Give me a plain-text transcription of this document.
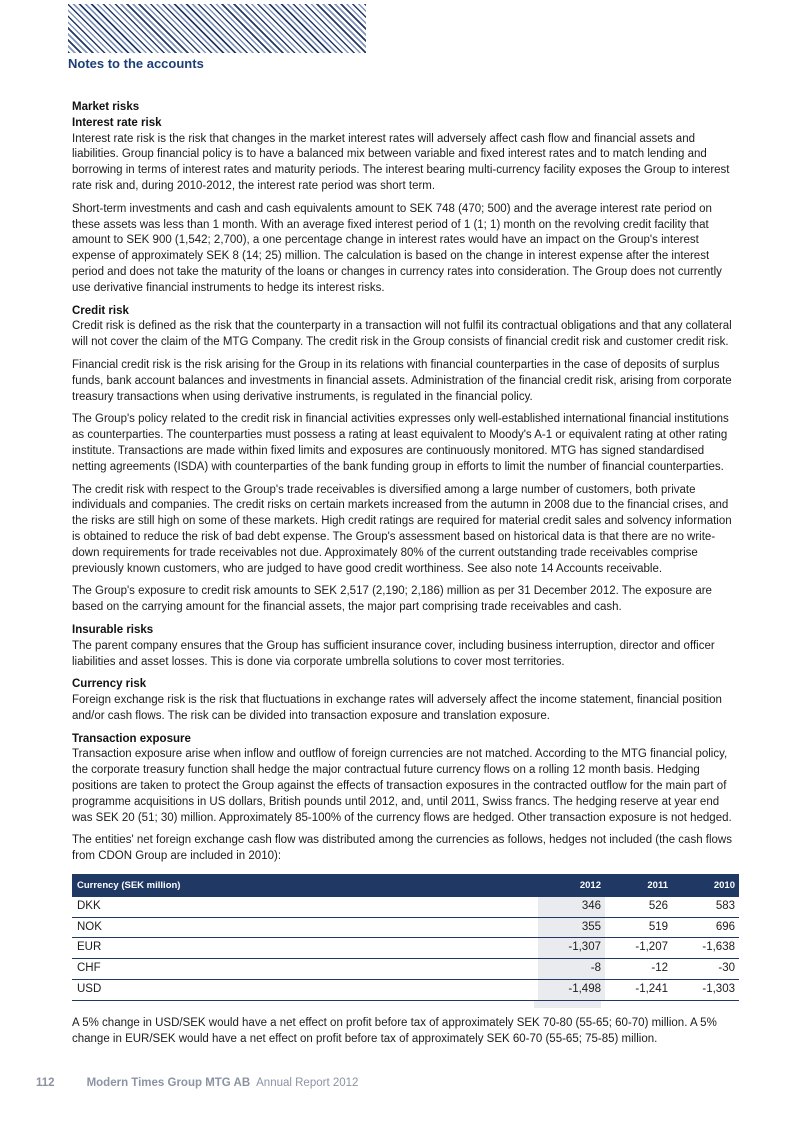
Notes to the accounts
Market risks
Interest rate risk

Interest rate risk is the risk that changes in the market interest rates will adversely affect cash flow and financial assets and liabilities. Group financial policy is to have a balanced mix between variable and fixed interest rates and to match lending and borrowing in terms of interest rates and maturity periods. The interest bearing multi-currency facility exposes the Group to interest rate risk and, during 2010-2012, the interest rate period was short term.

Short-term investments and cash and cash equivalents amount to SEK 748 (470; 500) and the average interest rate period on these assets was less than 1 month. With an average fixed interest period of 1 (1; 1) month on the revolving credit facility that amount to SEK 900 (1,542; 2,700), a one percentage change in interest rates would have an impact on the Group's interest expense of approximately SEK 8 (14; 25) million. The calculation is based on the change in interest expense after the interest period and does not take the maturity of the loans or changes in currency rates into consideration. The Group does not currently use derivative financial instruments to hedge its interest risks.

Credit risk

Credit risk is defined as the risk that the counterparty in a transaction will not fulfil its contractual obligations and that any collateral will not cover the claim of the MTG Company. The credit risk in the Group consists of financial credit risk and customer credit risk.

Financial credit risk is the risk arising for the Group in its relations with financial counterparties in the case of deposits of surplus funds, bank account balances and investments in financial assets. Administration of the financial credit risk, arising from corporate treasury transactions when using derivative instruments, is regulated in the financial policy.

The Group's policy related to the credit risk in financial activities expresses only well-established international financial institutions as counterparties. The counterparties must possess a rating at least equivalent to Moody's A-1 or equivalent rating at other rating institute. Transactions are made within fixed limits and exposures are continuously monitored. MTG has signed standardised netting agreements (ISDA) with counterparties of the bank funding group in efforts to limit the number of financial counterparties.

The credit risk with respect to the Group's trade receivables is diversified among a large number of customers, both private individuals and companies. The credit risks on certain markets increased from the autumn in 2008 due to the financial crises, and the risks are still high on some of these markets. High credit ratings are required for material credit sales and solvency information is obtained to reduce the risk of bad debt expense. The Group's assessment based on historical data is that there are no write-down requirements for trade receivables not due. Approximately 80% of the current outstanding trade receivables comprise previously known customers, who are judged to have good credit worthiness. See also note 14 Accounts receivable.

The Group's exposure to credit risk amounts to SEK 2,517 (2,190; 2,186) million as per 31 December 2012. The exposure are based on the carrying amount for the financial assets, the major part comprising trade receivables and cash.

Insurable risks

The parent company ensures that the Group has sufficient insurance cover, including business interruption, director and officer liabilities and asset losses. This is done via corporate umbrella solutions to cover most territories.

Currency risk

Foreign exchange risk is the risk that fluctuations in exchange rates will adversely affect the income statement, financial position and/or cash flows. The risk can be divided into transaction exposure and translation exposure.

Transaction exposure

Transaction exposure arise when inflow and outflow of foreign currencies are not matched. According to the MTG financial policy, the corporate treasury function shall hedge the major contractual future currency flows on a rolling 12 month basis. Hedging positions are taken to protect the Group against the effects of transaction exposures in the contracted outflow for the main part of programme acquisitions in US dollars, British pounds until 2012, and, until 2011, Swiss francs. The hedging reserve at year end was SEK 20 (51; 30) million. Approximately 85-100% of the currency flows are hedged. Other transaction exposure is not hedged.

The entities' net foreign exchange cash flow was distributed among the currencies as follows, hedges not included (the cash flows from CDON Group are included in 2010):

Currency (SEK million)	2012	2011	2010
DKK	346	526	583
NOK	355	519	696
EUR	-1,307	-1,207	-1,638
CHF	-8	-12	-30
USD	-1,498	-1,241	-1,303

A 5% change in USD/SEK would have a net effect on profit before tax of approximately SEK 70-80 (55-65; 60-70) million. A 5% change in EUR/SEK would have a net effect on profit before tax of approximately SEK 60-70 (55-65; 75-85) million.

112	Modern Times Group MTG AB Annual Report 2012
